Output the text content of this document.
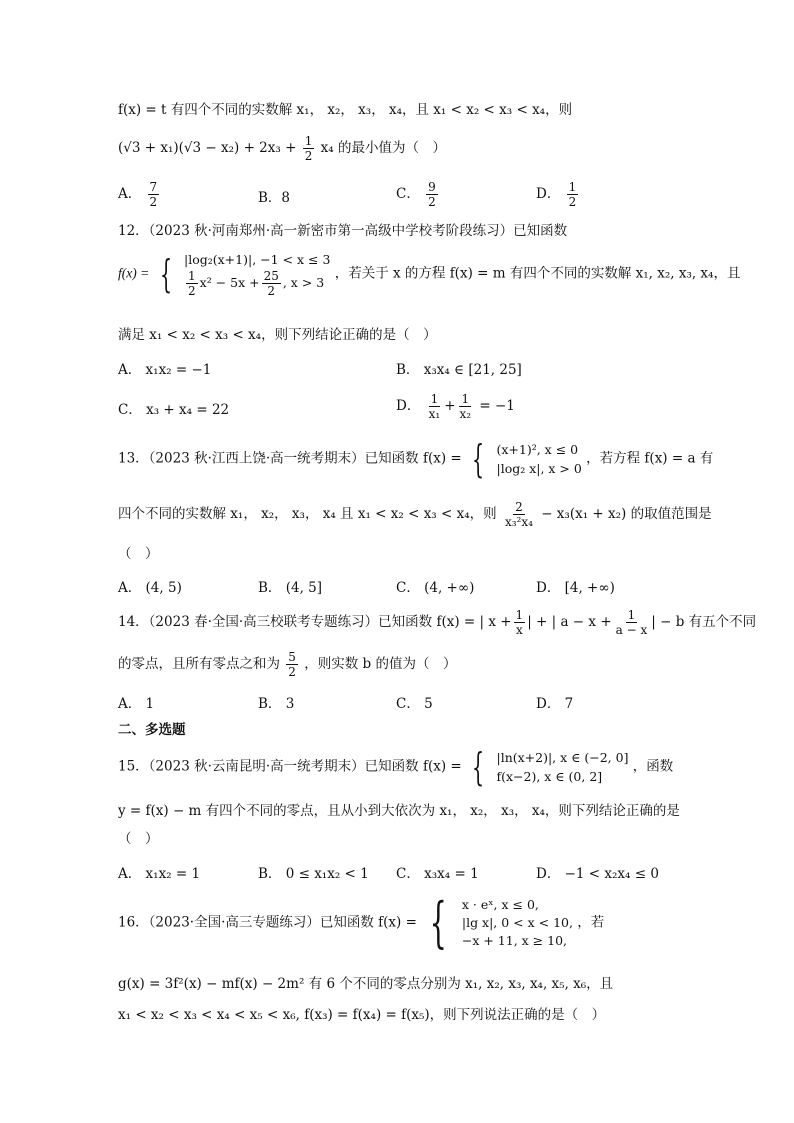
f(x) = t 有四个不同的实数解 x₁， x₂， x₃， x₄，且 x₁ < x₂ < x₃ < x₄，则
$(√3 + x_1)(√3 - x_2) + 2x_3 + \frac{1}{2} x_4$ 的最小值为（　）
A． $\frac{7}{2}$	B．8	C． $\frac{9}{2}$	D． $\frac{1}{2}$
12．（2023 秋·河南郑州·高一新密市第一高级中学校考阶段练习）已知函数
f(x) = { |log₂(x+1)|, −1 < x ≤ 3
$\frac{1}{2} x^2 - 5x + \frac{25}{2}$ , x > 3
，若关于 x 的方程 f(x) = m 有四个不同的实数解 x₁, x₂, x₃, x₄，且
满足 x₁ < x₂ < x₃ < x₄，则下列结论正确的是（　）
A． x₁x₂ = −1	B． x₃x₄ ∈ [21, 25]
C． x₃ + x₄ = 22	D． $\frac{1}{\text{x₁}} + \frac{1}{\text{x₂}} = -1$
13．（2023 秋·江西上饶·高一统考期末）已知函数 f(x) = { (x+1)², x ≤ 0
|log₂ x|, x > 0
，若方程 f(x) = a 有
四个不同的实数解 x₁， x₂， x₃， x₄ 且 x₁ < x₂ < x₃ < x₄，则 $\frac{2}{\text{x₃²x₄}} - x_3(x_1 + x_2)$ 的取值范围是
（　）
A． (4, 5)	B． (4, 5]	C． (4, +∞)	D． [4, +∞)
14．（2023 春·全国·高三校联考专题练习）已知函数 f(x) = | $x + \frac{1}{x}$ | + | $a - x + \frac{1}{a - x}$ | − b 有五个不同
的零点，且所有零点之和为 $\frac{5}{2}$ ，则实数 b 的值为（　）
A． 1	B． 3	C． 5	D． 7
二、多选题
15．（2023 秋·云南昆明·高一统考期末）已知函数 f(x) = { |ln(x+2)|, x ∈ (−2, 0]
f(x−2), x ∈ (0, 2]
，函数
y = f(x) − m 有四个不同的零点，且从小到大依次为 x₁， x₂， x₃， x₄，则下列结论正确的是
（　）
A． x₁x₂ = 1	B． 0 ≤ x₁x₂ < 1 C． x₃x₄ = 1	D． −1 < x₂x₄ ≤ 0
16．（2023·全国·高三专题练习）已知函数 f(x) = { x · eˣ, x ≤ 0,
|lg x|, 0 < x < 10,
−x + 11, x ≥ 10,
，若
g(x) = 3f²(x) − mf(x) − 2m² 有 6 个不同的零点分别为 x₁, x₂, x₃, x₄, x₅, x₆，且
x₁ < x₂ < x₃ < x₄ < x₅ < x₆, f(x₃) = f(x₄) = f(x₅)，则下列说法正确的是（　）
